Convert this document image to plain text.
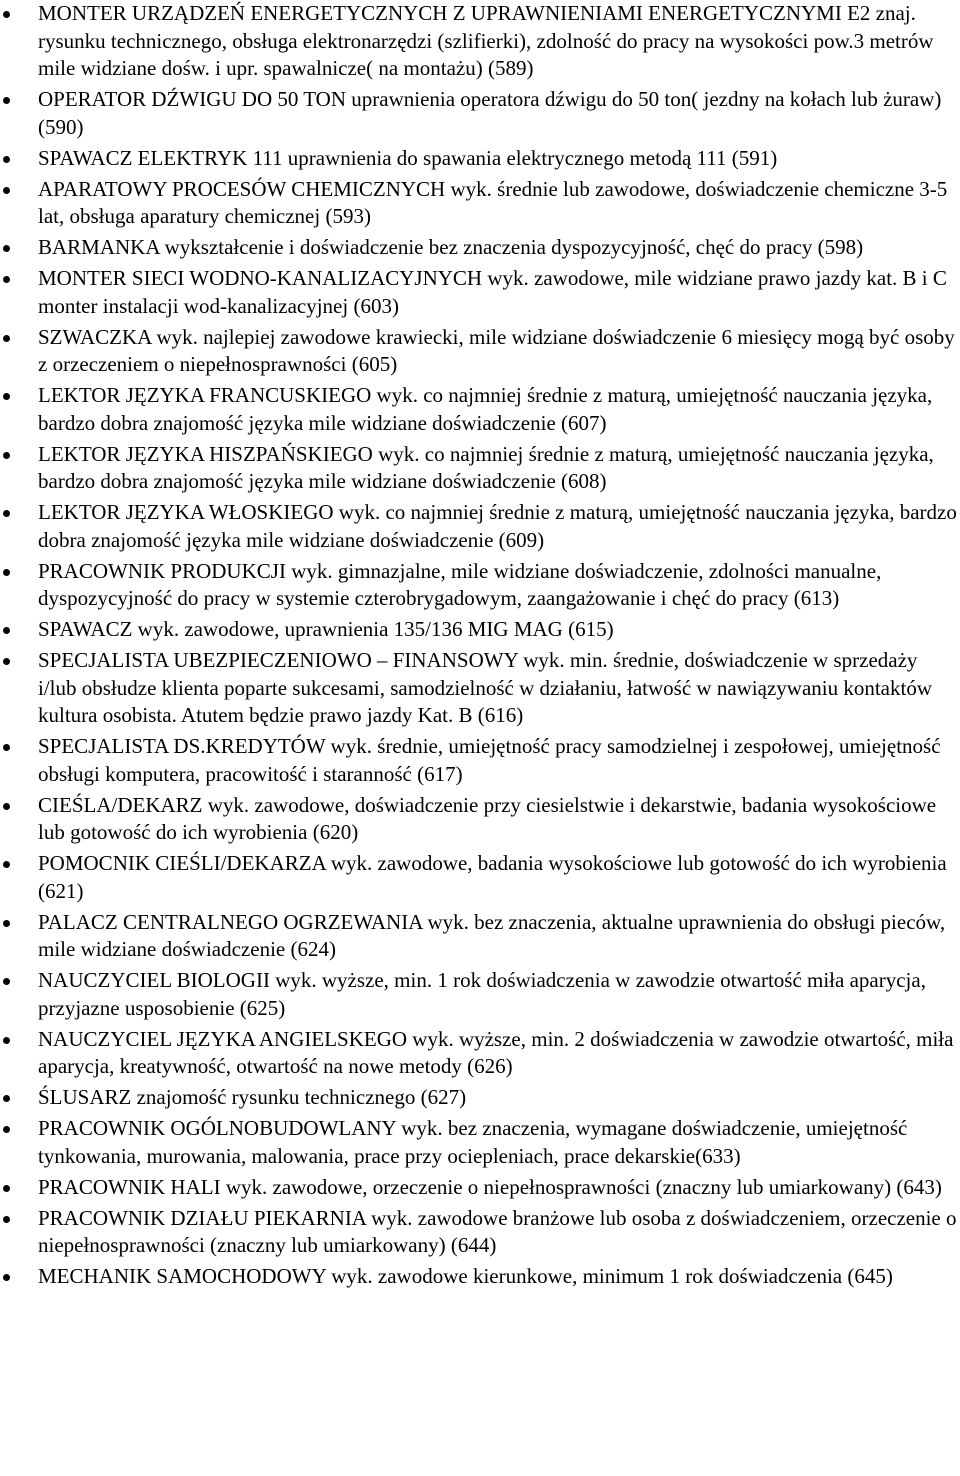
MONTER URZĄDZEŃ ENERGETYCZNYCH Z UPRAWNIENIAMI ENERGETYCZNYMI E2 znaj. rysunku technicznego, obsługa elektronarzędzi (szlifierki), zdolność do pracy na wysokości pow.3 metrów mile widziane dośw. i upr. spawalnicze( na montażu) (589)
OPERATOR DŹWIGU DO 50 TON uprawnienia operatora dźwigu do 50 ton( jezdny na kołach lub żuraw) (590)
SPAWACZ ELEKTRYK 111 uprawnienia do spawania elektrycznego metodą 111 (591)
APARATOWY PROCESÓW CHEMICZNYCH wyk. średnie lub zawodowe, doświadczenie chemiczne 3-5 lat, obsługa aparatury chemicznej (593)
BARMANKA wykształcenie i doświadczenie bez znaczenia dyspozycyjność, chęć do pracy (598)
MONTER SIECI WODNO-KANALIZACYJNYCH wyk. zawodowe, mile widziane prawo jazdy kat. B i C monter instalacji wod-kanalizacyjnej (603)
SZWACZKA wyk. najlepiej zawodowe krawiecki, mile widziane doświadczenie 6 miesięcy mogą być osoby z orzeczeniem o niepełnosprawności (605)
LEKTOR JĘZYKA FRANCUSKIEGO wyk. co najmniej średnie z maturą, umiejętność nauczania języka, bardzo dobra znajomość języka mile widziane doświadczenie (607)
LEKTOR JĘZYKA HISZPAŃSKIEGO wyk. co najmniej średnie z maturą, umiejętność nauczania języka, bardzo dobra znajomość języka mile widziane doświadczenie (608)
LEKTOR JĘZYKA WŁOSKIEGO wyk. co najmniej średnie z maturą, umiejętność nauczania języka, bardzo dobra znajomość języka mile widziane doświadczenie (609)
PRACOWNIK PRODUKCJI wyk. gimnazjalne, mile widziane doświadczenie, zdolności manualne, dyspozycyjność do pracy w systemie czterobrygadowym, zaangażowanie i chęć do pracy (613)
SPAWACZ wyk. zawodowe, uprawnienia 135/136 MIG MAG (615)
SPECJALISTA UBEZPIECZENIOWO – FINANSOWY wyk. min. średnie, doświadczenie w sprzedaży i/lub obsłudze klienta poparte sukcesami, samodzielność w działaniu, łatwość w nawiązywaniu kontaktów kultura osobista. Atutem będzie prawo jazdy Kat. B (616)
SPECJALISTA DS.KREDYTÓW wyk. średnie, umiejętność pracy samodzielnej i zespołowej, umiejętność obsługi komputera, pracowitość i staranność (617)
CIEŚLA/DEKARZ wyk. zawodowe, doświadczenie przy ciesielstwie i dekarstwie, badania wysokościowe lub gotowość do ich wyrobienia (620)
POMOCNIK CIEŚLI/DEKARZA wyk. zawodowe, badania wysokościowe lub gotowość do ich wyrobienia (621)
PALACZ CENTRALNEGO OGRZEWANIA wyk. bez znaczenia, aktualne uprawnienia do obsługi pieców, mile widziane doświadczenie (624)
NAUCZYCIEL BIOLOGII wyk. wyższe, min. 1 rok doświadczenia w zawodzie otwartość miła aparycja, przyjazne usposobienie (625)
NAUCZYCIEL JĘZYKA ANGIELSKEGO wyk. wyższe, min. 2 doświadczenia w zawodzie otwartość, miła aparycja, kreatywność, otwartość na nowe metody (626)
ŚLUSARZ znajomość rysunku technicznego (627)
PRACOWNIK OGÓLNOBUDOWLANY wyk. bez znaczenia, wymagane doświadczenie, umiejętność tynkowania, murowania, malowania, prace przy ociepleniach, prace dekarskie(633)
PRACOWNIK HALI wyk. zawodowe, orzeczenie o niepełnosprawności (znaczny lub umiarkowany) (643)
PRACOWNIK DZIAŁU PIEKARNIA wyk. zawodowe branżowe lub osoba z doświadczeniem, orzeczenie o niepełnosprawności (znaczny lub umiarkowany) (644)
MECHANIK SAMOCHODOWY wyk. zawodowe kierunkowe, minimum 1 rok doświadczenia (645)
